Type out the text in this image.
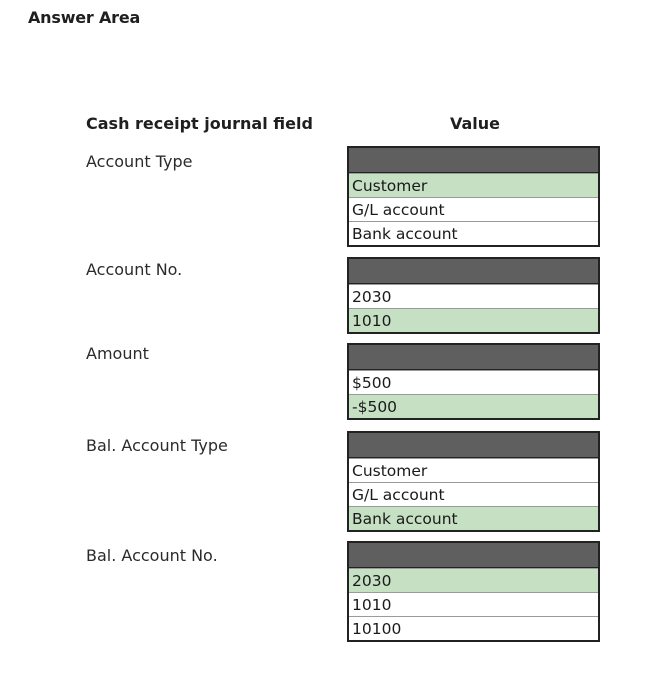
Answer Area
Cash receipt journal field	Value
Account Type
Customer
G/L account
Bank account
Account No.
2030
1010
Amount
$500
-$500
Bal. Account Type
Customer
G/L account
Bank account
Bal. Account No.
2030
1010
10100
